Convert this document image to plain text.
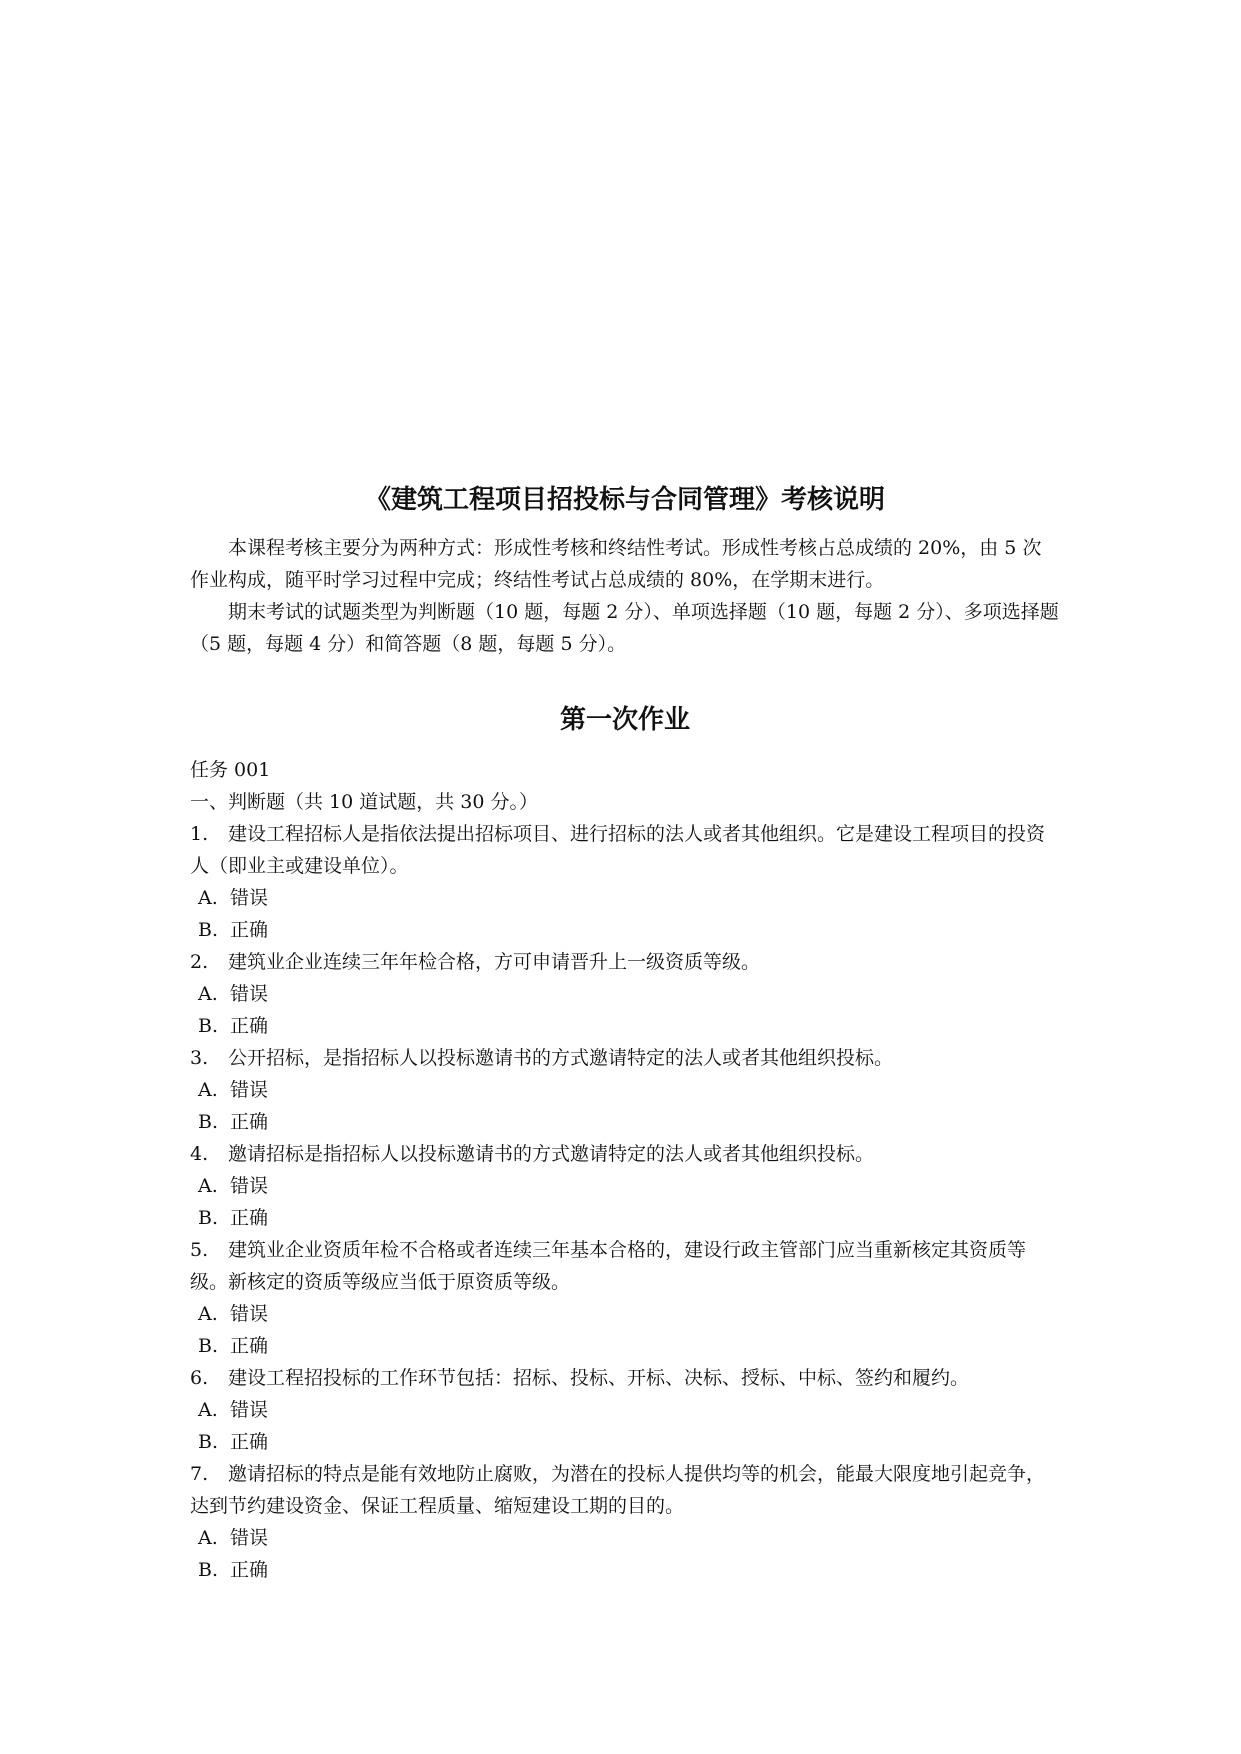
《建筑工程项目招投标与合同管理》考核说明

本课程考核主要分为两种方式：形成性考核和终结性考试。形成性考核占总成绩的 20%，由 5 次作业构成，随平时学习过程中完成；终结性考试占总成绩的 80%，在学期末进行。

期末考试的试题类型为判断题（10 题，每题 2 分）、单项选择题（10 题，每题 2 分）、多项选择题（5 题，每题 4 分）和简答题（8 题，每题 5 分）。

第一次作业

任务 001

一、判断题（共 10 道试题，共 30 分。）

1. 建设工程招标人是指依法提出招标项目、进行招标的法人或者其他组织。它是建设工程项目的投资人（即业主或建设单位）。

A. 错误

B. 正确

2. 建筑业企业连续三年年检合格，方可申请晋升上一级资质等级。

A. 错误

B. 正确

3. 公开招标，是指招标人以投标邀请书的方式邀请特定的法人或者其他组织投标。

A. 错误

B. 正确

4. 邀请招标是指招标人以投标邀请书的方式邀请特定的法人或者其他组织投标。

A. 错误

B. 正确

5. 建筑业企业资质年检不合格或者连续三年基本合格的，建设行政主管部门应当重新核定其资质等级。新核定的资质等级应当低于原资质等级。

A. 错误

B. 正确

6. 建设工程招投标的工作环节包括：招标、投标、开标、决标、授标、中标、签约和履约。

A. 错误

B. 正确

7. 邀请招标的特点是能有效地防止腐败，为潜在的投标人提供均等的机会，能最大限度地引起竞争，达到节约建设资金、保证工程质量、缩短建设工期的目的。

A. 错误

B. 正确
